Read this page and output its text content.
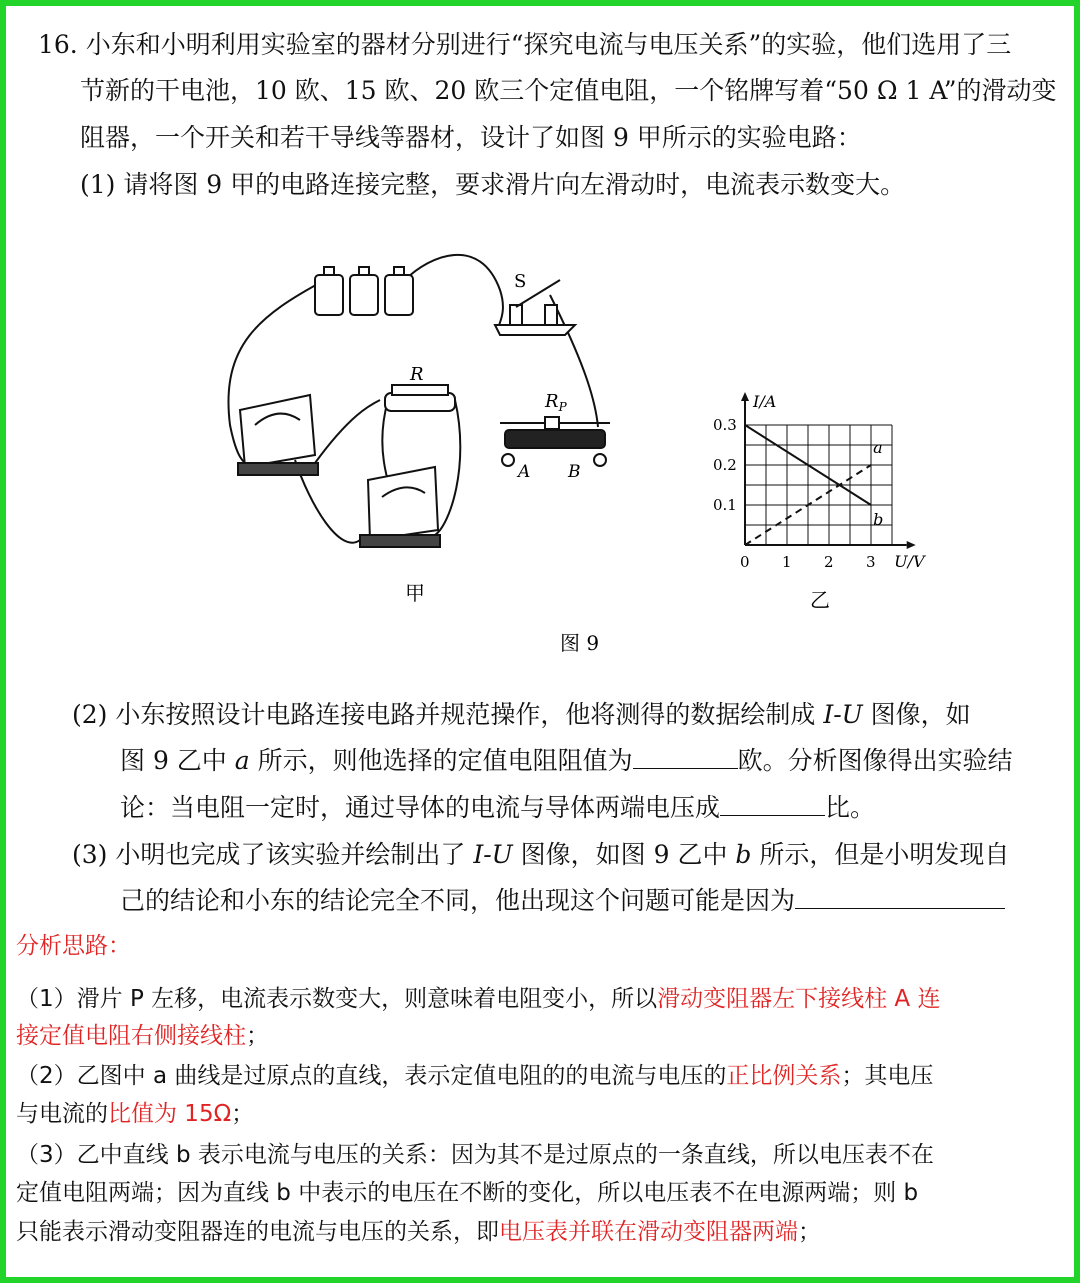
16. 小东和小明利用实验室的器材分别进行“探究电流与电压关系”的实验，他们选用了三
节新的干电池，10 欧、15 欧、20 欧三个定值电阻，一个铭牌写着“50 Ω 1 A”的滑动变
阻器，一个开关和若干导线等器材，设计了如图 9 甲所示的实验电路：
(1) 请将图 9 甲的电路连接完整，要求滑片向左滑动时，电流表示数变大。
S
R
$R_P$
A B
甲
I/A
U/V
0.1
0.2
0.3
0 1 2 3
a
b
乙
图 9
(2) 小东按照设计电路连接电路并规范操作，他将测得的数据绘制成 I-U 图像，如
图 9 乙中 a 所示，则他选择的定值电阻阻值为	欧。分析图像得出实验结
论：当电阻一定时，通过导体的电流与导体两端电压成	比。
(3) 小明也完成了该实验并绘制出了 I-U 图像，如图 9 乙中 b 所示，但是小明发现自
己的结论和小东的结论完全不同，他出现这个问题可能是因为
分析思路：
（1）滑片 P 左移，电流表示数变大，则意味着电阻变小，所以滑动变阻器左下接线柱 A 连
接定值电阻右侧接线柱；
（2）乙图中 a 曲线是过原点的直线，表示定值电阻的的电流与电压的正比例关系；其电压
与电流的比值为 15Ω；
（3）乙中直线 b 表示电流与电压的关系：因为其不是过原点的一条直线，所以电压表不在
定值电阻两端；因为直线 b 中表示的电压在不断的变化，所以电压表不在电源两端；则 b
只能表示滑动变阻器连的电流与电压的关系，即电压表并联在滑动变阻器两端；
